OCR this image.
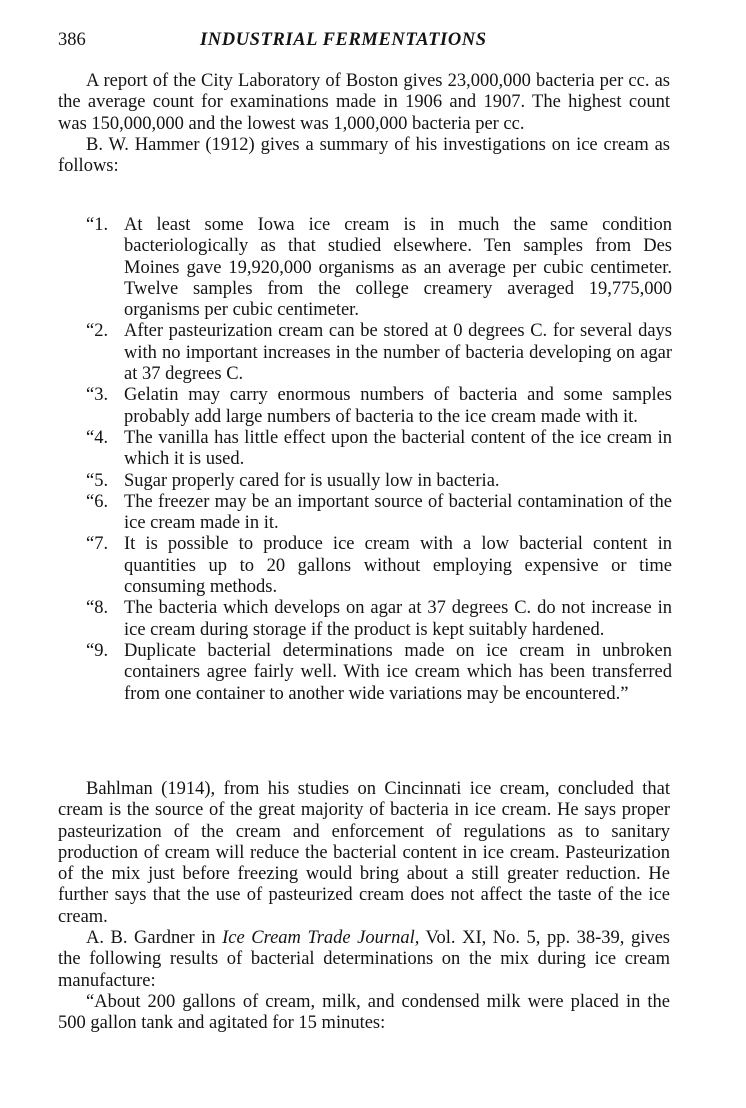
386	INDUSTRIAL FERMENTATIONS

A report of the City Laboratory of Boston gives 23,000,000 bacteria per cc. as the average count for examinations made in 1906 and 1907. The highest count was 150,000,000 and the lowest was 1,000,000 bacteria per cc.

B. W. Hammer (1912) gives a summary of his investigations on ice cream as follows:

“1. At least some Iowa ice cream is in much the same condition bacteriologically as that studied elsewhere. Ten samples from Des Moines gave 19,920,000 organisms as an average per cubic centimeter. Twelve samples from the college creamery averaged 19,775,000 organisms per cubic centimeter.

“2. After pasteurization cream can be stored at 0 degrees C. for several days with no important increases in the number of bacteria developing on agar at 37 degrees C.

“3. Gelatin may carry enormous numbers of bacteria and some samples probably add large numbers of bacteria to the ice cream made with it.

“4. The vanilla has little effect upon the bacterial content of the ice cream in which it is used.

“5. Sugar properly cared for is usually low in bacteria.

“6. The freezer may be an important source of bacterial contamination of the ice cream made in it.

“7. It is possible to produce ice cream with a low bacterial content in quantities up to 20 gallons without employing expensive or time consuming methods.

“8. The bacteria which develops on agar at 37 degrees C. do not increase in ice cream during storage if the product is kept suitably hardened.

“9. Duplicate bacterial determinations made on ice cream in unbroken containers agree fairly well. With ice cream which has been transferred from one container to another wide variations may be encountered.”

Bahlman (1914), from his studies on Cincinnati ice cream, concluded that cream is the source of the great majority of bacteria in ice cream. He says proper pasteurization of the cream and enforcement of regulations as to sanitary production of cream will reduce the bacterial content in ice cream. Pasteurization of the mix just before freezing would bring about a still greater reduction. He further says that the use of pasteurized cream does not affect the taste of the ice cream.

A. B. Gardner in Ice Cream Trade Journal, Vol. XI, No. 5, pp. 38-39, gives the following results of bacterial determinations on the mix during ice cream manufacture:

“About 200 gallons of cream, milk, and condensed milk were placed in the 500 gallon tank and agitated for 15 minutes:
